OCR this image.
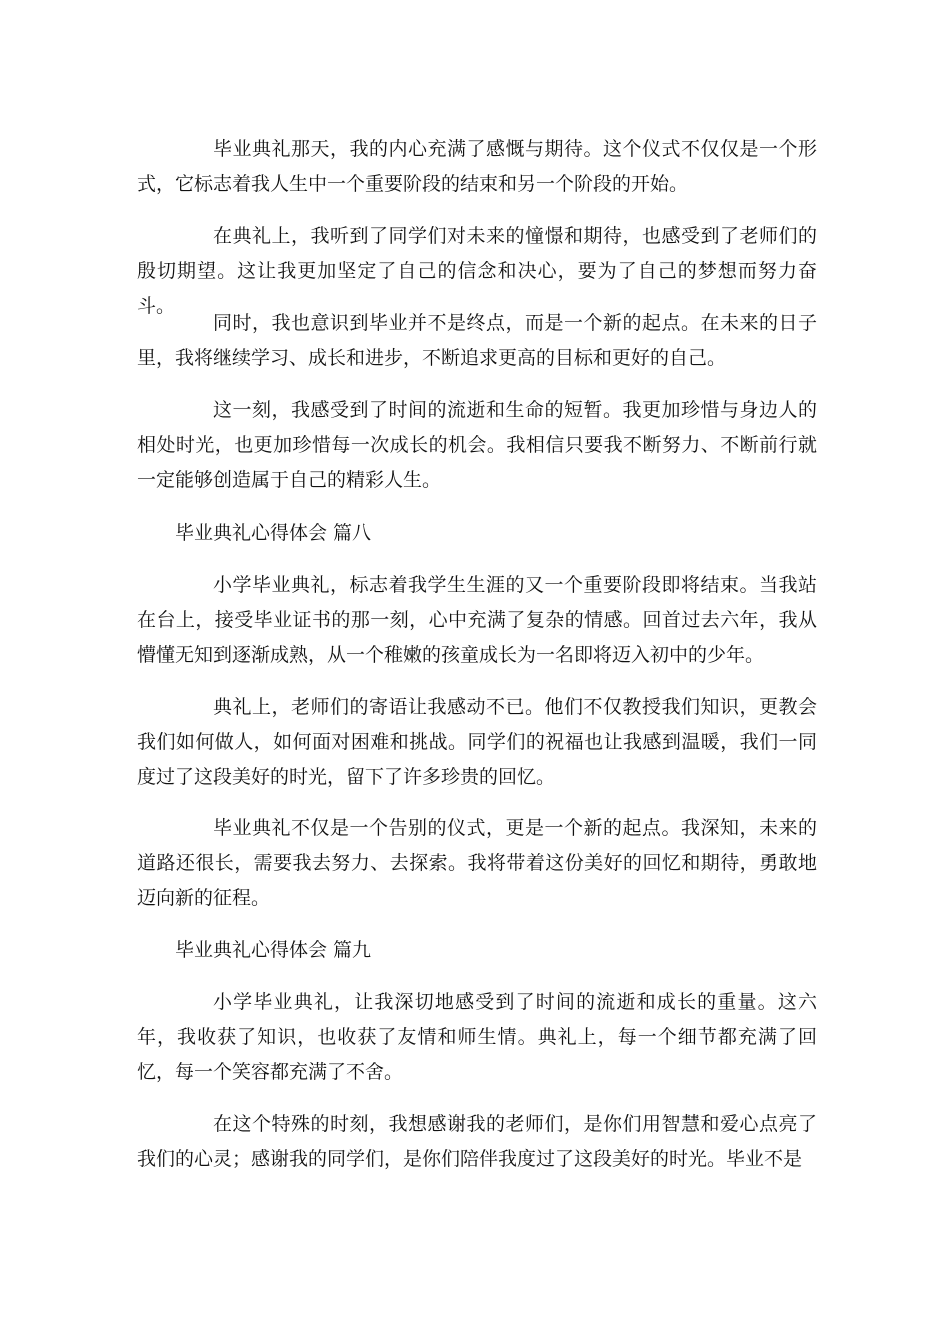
毕业典礼那天，我的内心充满了感慨与期待。这个仪式不仅仅是一个形式，它标志着我人生中一个重要阶段的结束和另一个阶段的开始。

在典礼上，我听到了同学们对未来的憧憬和期待，也感受到了老师们的殷切期望。这让我更加坚定了自己的信念和决心，要为了自己的梦想而努力奋斗。

同时，我也意识到毕业并不是终点，而是一个新的起点。在未来的日子里，我将继续学习、成长和进步，不断追求更高的目标和更好的自己。

这一刻，我感受到了时间的流逝和生命的短暂。我更加珍惜与身边人的相处时光，也更加珍惜每一次成长的机会。我相信只要我不断努力、不断前行就一定能够创造属于自己的精彩人生。

毕业典礼心得体会 篇八

小学毕业典礼，标志着我学生生涯的又一个重要阶段即将结束。当我站在台上，接受毕业证书的那一刻，心中充满了复杂的情感。回首过去六年，我从懵懂无知到逐渐成熟，从一个稚嫩的孩童成长为一名即将迈入初中的少年。

典礼上，老师们的寄语让我感动不已。他们不仅教授我们知识，更教会我们如何做人，如何面对困难和挑战。同学们的祝福也让我感到温暖，我们一同度过了这段美好的时光，留下了许多珍贵的回忆。

毕业典礼不仅是一个告别的仪式，更是一个新的起点。我深知，未来的道路还很长，需要我去努力、去探索。我将带着这份美好的回忆和期待，勇敢地迈向新的征程。

毕业典礼心得体会 篇九

小学毕业典礼，让我深切地感受到了时间的流逝和成长的重量。这六年，我收获了知识，也收获了友情和师生情。典礼上，每一个细节都充满了回忆，每一个笑容都充满了不舍。

在这个特殊的时刻，我想感谢我的老师们，是你们用智慧和爱心点亮了我们的心灵；感谢我的同学们，是你们陪伴我度过了这段美好的时光。毕业不是
